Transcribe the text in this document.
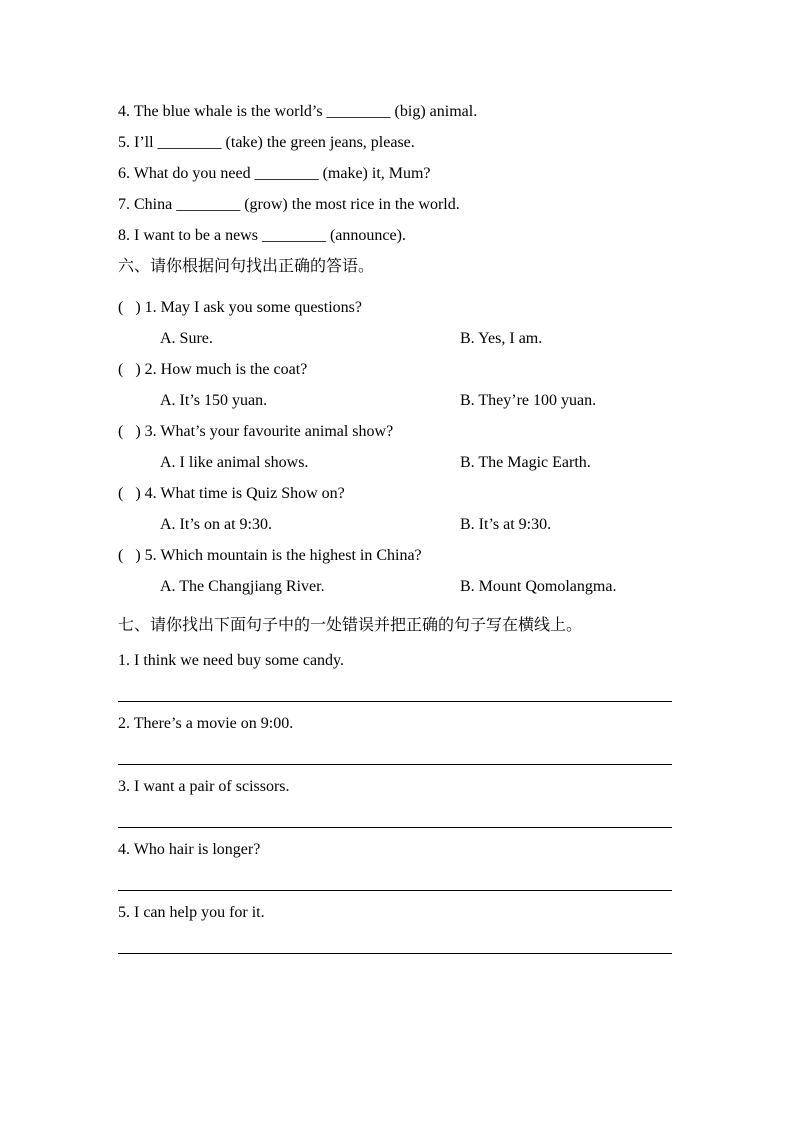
4. The blue whale is the world’s ________ (big) animal.
5. I’ll ________ (take) the green jeans, please.
6. What do you need ________ (make) it, Mum?
7. China ________ (grow) the most rice in the world.
8. I want to be a news ________ (announce).
六、请你根据问句找出正确的答语。
(   ) 1. May I ask you some questions?
A. Sure.	B. Yes, I am.
(   ) 2. How much is the coat?
A. It’s 150 yuan.	B. They’re 100 yuan.
(   ) 3. What’s your favourite animal show?
A. I like animal shows.	B. The Magic Earth.
(   ) 4. What time is Quiz Show on?
A. It’s on at 9:30.	B. It’s at 9:30.
(   ) 5. Which mountain is the highest in China?
A. The Changjiang River.	B. Mount Qomolangma.
七、请你找出下面句子中的一处错误并把正确的句子写在横线上。
1. I think we need buy some candy.
2. There’s a movie on 9:00.
3. I want a pair of scissors.
4. Who hair is longer?
5. I can help you for it.
